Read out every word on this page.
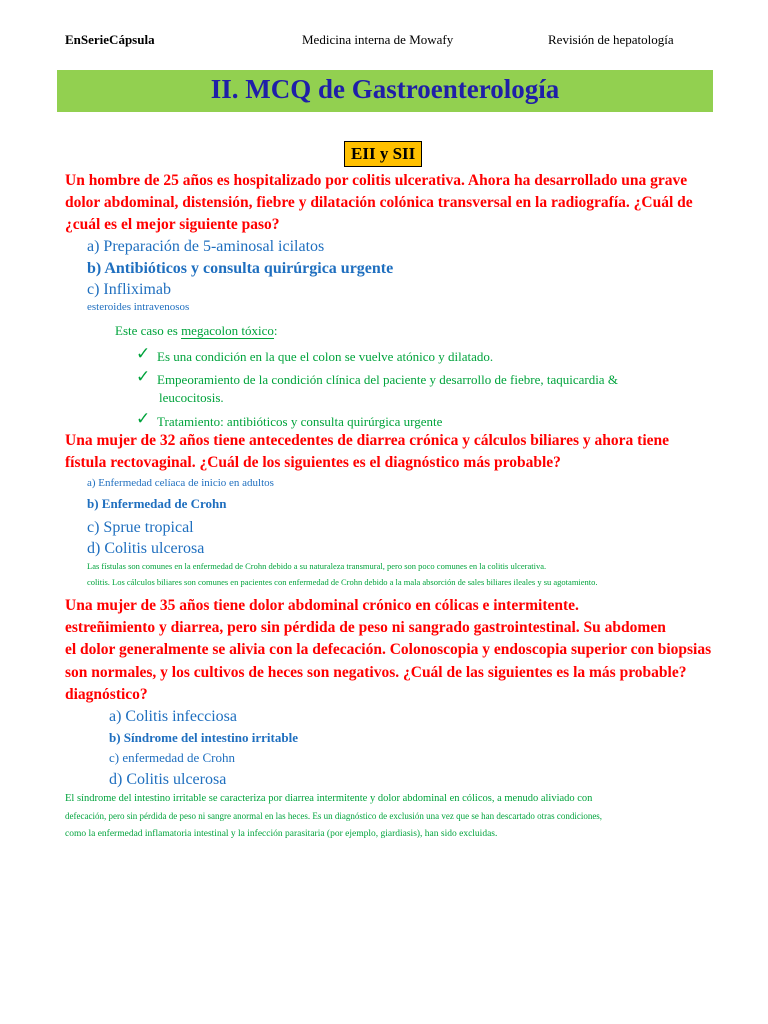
EnSerieCápsula	Medicina interna de Mowafy	Revisión de hepatología
II. MCQ de Gastroenterología
EII y SII
Un hombre de 25 años es hospitalizado por colitis ulcerativa. Ahora ha desarrollado una grave
dolor abdominal, distensión, fiebre y dilatación colónica transversal en la radiografía. ¿Cuál de
¿cuál es el mejor siguiente paso?
a) Preparación de 5-aminosal icilatos
b) Antibióticos y consulta quirúrgica urgente
c) Infliximab
esteroides intravenosos
Este caso es megacolon tóxico:
✓ Es una condición en la que el colon se vuelve atónico y dilatado.
✓ Empeoramiento de la condición clínica del paciente y desarrollo de fiebre, taquicardia &
leucocitosis.
✓ Tratamiento: antibióticos y consulta quirúrgica urgente
Una mujer de 32 años tiene antecedentes de diarrea crónica y cálculos biliares y ahora tiene
fístula rectovaginal. ¿Cuál de los siguientes es el diagnóstico más probable?
a) Enfermedad celíaca de inicio en adultos
b) Enfermedad de Crohn
c) Sprue tropical
d) Colitis ulcerosa
Las fístulas son comunes en la enfermedad de Crohn debido a su naturaleza transmural, pero son poco comunes en la colitis ulcerativa.
colitis. Los cálculos biliares son comunes en pacientes con enfermedad de Crohn debido a la mala absorción de sales biliares ileales y su agotamiento.
Una mujer de 35 años tiene dolor abdominal crónico en cólicas e intermitente.
estreñimiento y diarrea, pero sin pérdida de peso ni sangrado gastrointestinal. Su abdomen
el dolor generalmente se alivia con la defecación. Colonoscopia y endoscopia superior con biopsias
son normales, y los cultivos de heces son negativos. ¿Cuál de las siguientes es la más probable?
diagnóstico?
a) Colitis infecciosa
b) Síndrome del intestino irritable
c) enfermedad de Crohn
d) Colitis ulcerosa
El síndrome del intestino irritable se caracteriza por diarrea intermitente y dolor abdominal en cólicos, a menudo aliviado con
defecación, pero sin pérdida de peso ni sangre anormal en las heces. Es un diagnóstico de exclusión una vez que se han descartado otras condiciones,
como la enfermedad inflamatoria intestinal y la infección parasitaria (por ejemplo, giardiasis), han sido excluidas.
